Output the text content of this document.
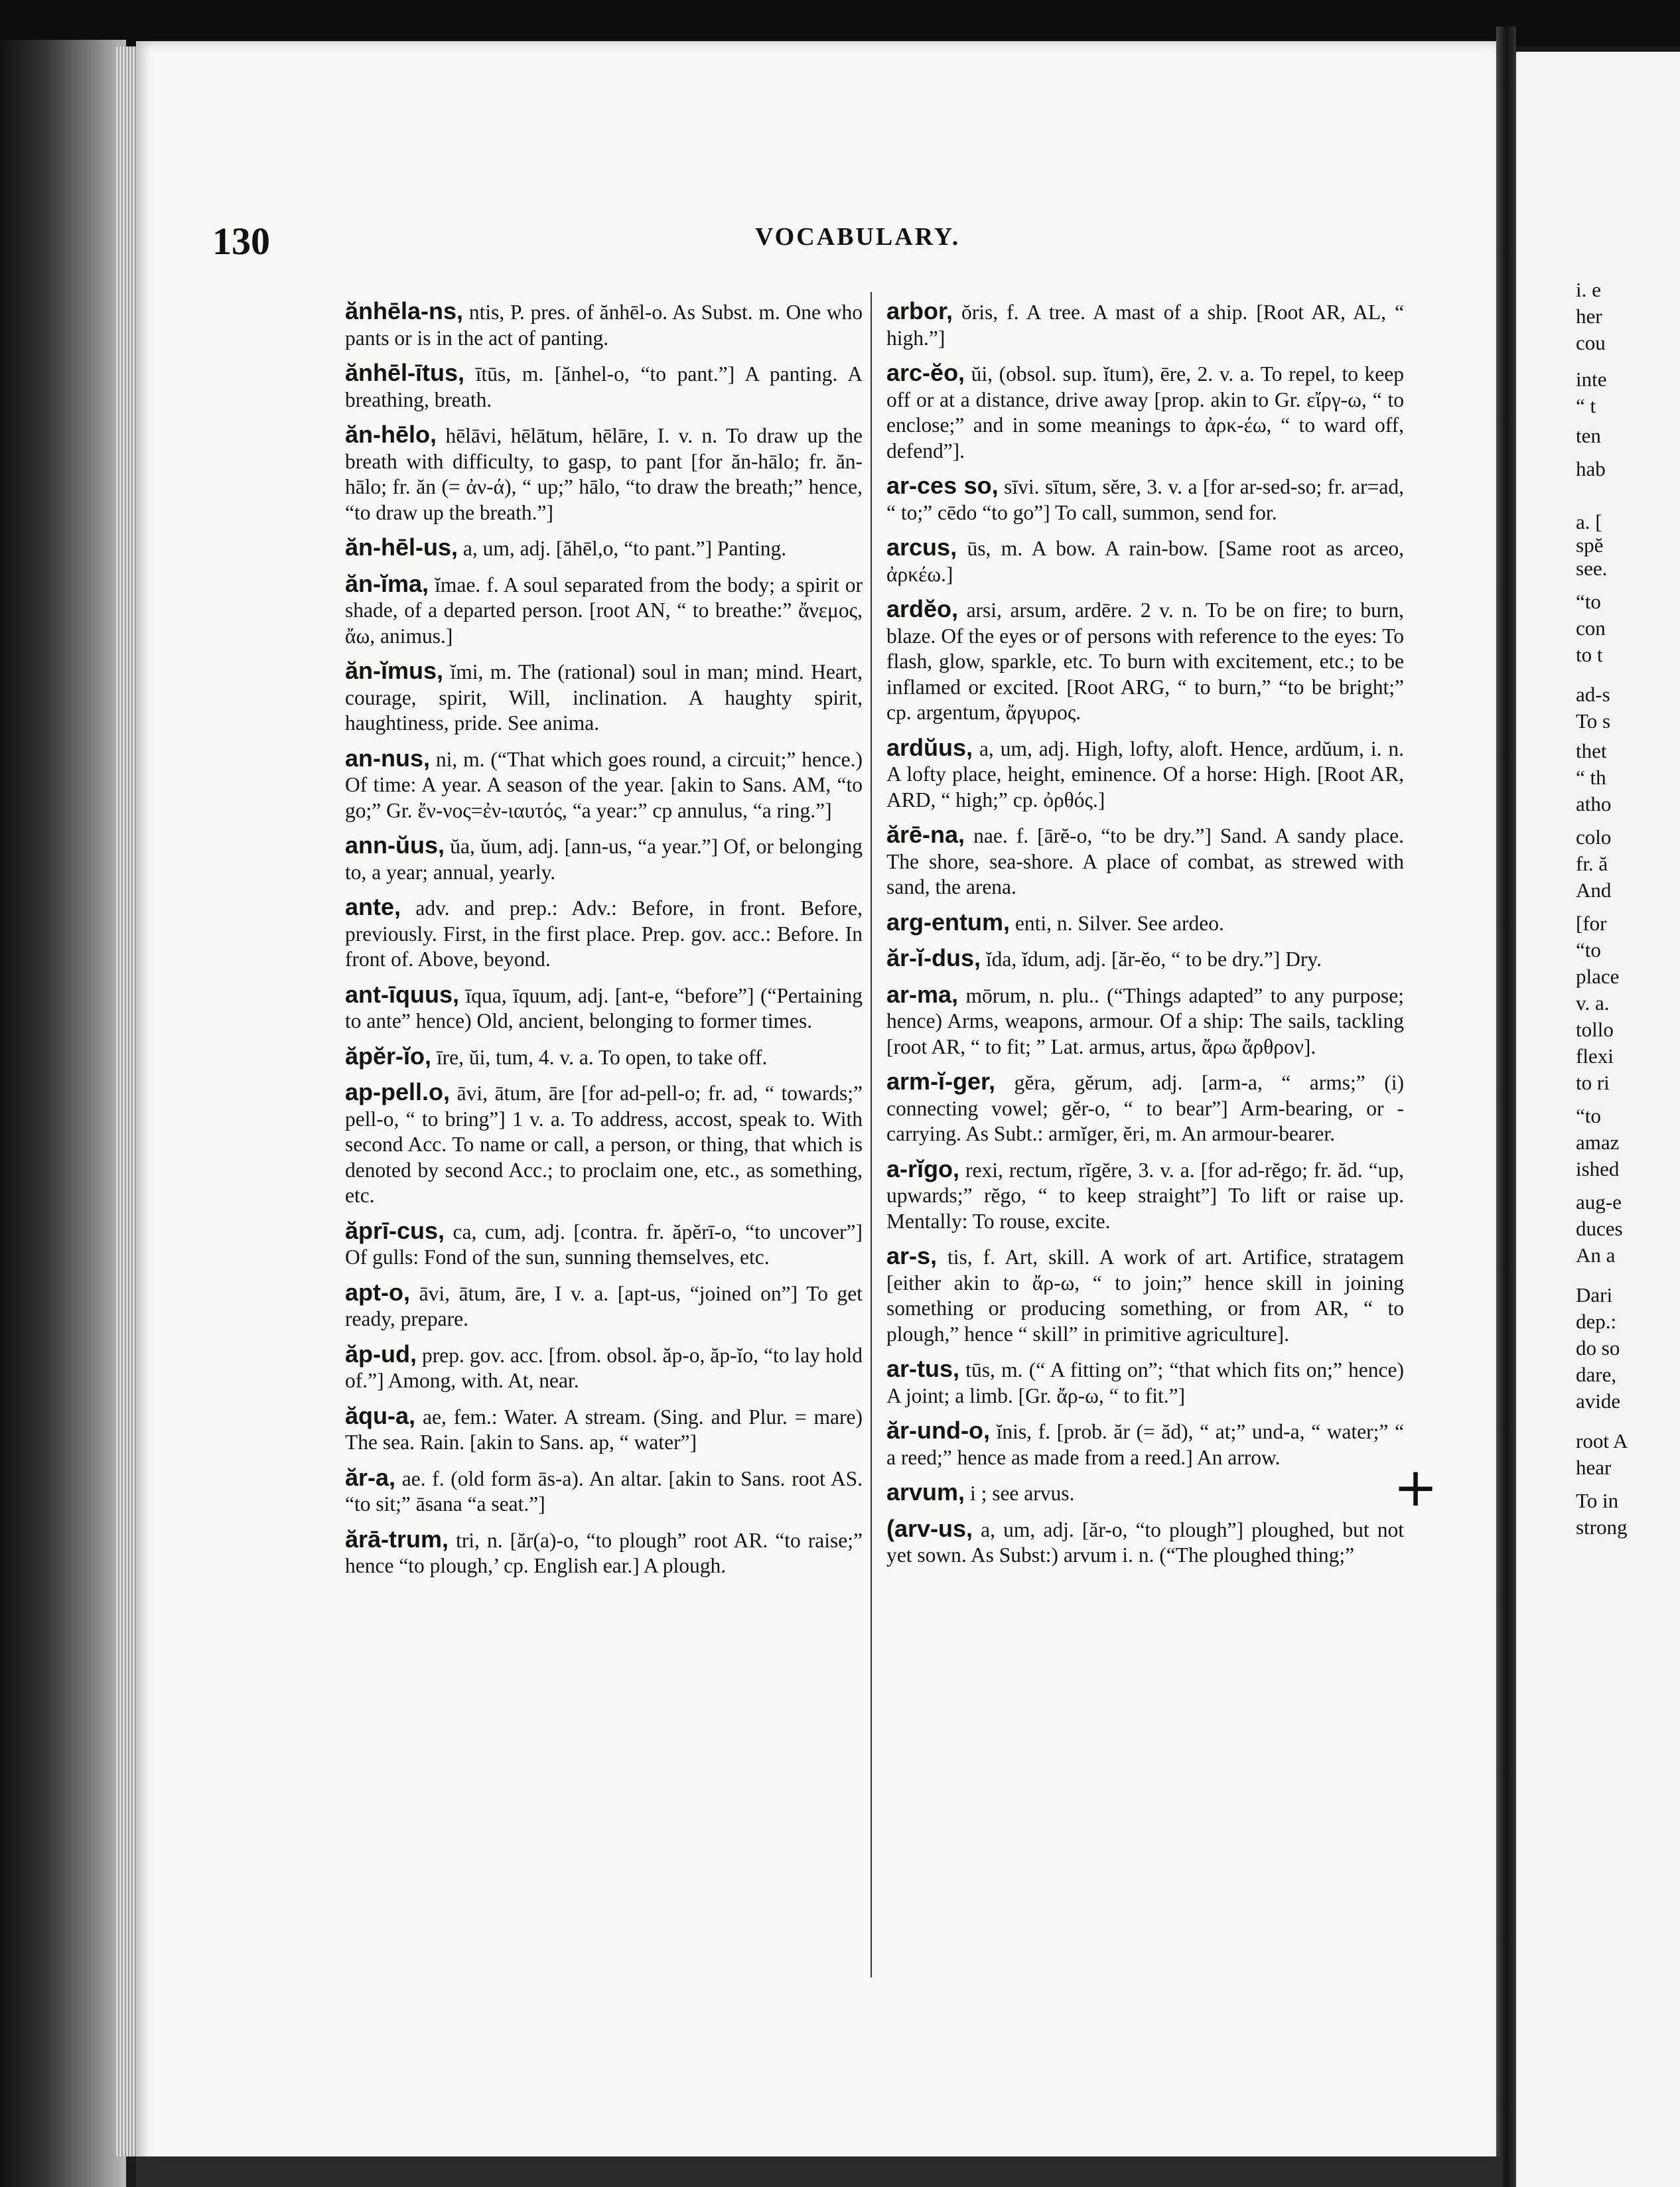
i. e
her
cou
inte
“ t
ten
hab
a. [
spĕ
see.
“to
con
to t
ad-s
To s
thet
“ th
atho
colo
fr. ă
And
[for
“to
place
v. a.
tollo
flexi
to ri
“to
amaz
ished
aug-e
duces
An a
Dari
dep.:
do so
dare,
avide
root A
hear
To in
strong
130	VOCABULARY.

ănhēla-ns, ntis, P. pres. of ănhēl-o. As Subst. m. One who pants or is in the act of panting.

ănhēl-ītus, ītūs, m. [ănhel-o, “to pant.”] A panting. A breathing, breath.

ăn-hēlo, hēlāvi, hēlātum, hēlāre, I. v. n. To draw up the breath with difficulty, to gasp, to pant [for ăn-hālo; fr. ăn-hālo; fr. ăn (= ἀν-ά), “ up;” hālo, “to draw the breath;” hence, “to draw up the breath.”]

ăn-hēl-us, a, um, adj. [ăhēl,o, “to pant.”] Panting.

ăn-ĭma, ĭmae. f. A soul separated from the body; a spirit or shade, of a departed person. [root AN, “ to breathe:” ἄνεμος, ἄω, animus.]

ăn-ĭmus, ĭmi, m. The (rational) soul in man; mind. Heart, courage, spirit, Will, inclination. A haughty spirit, haughtiness, pride. See anima.

an-nus, ni, m. (“That which goes round, a circuit;” hence.) Of time: A year. A season of the year. [akin to Sans. AM, “to go;” Gr. ἔν-νος=ἐν-ιαυτός, “a year:” cp annulus, “a ring.”]

ann-ŭus, ŭa, ŭum, adj. [ann-us, “a year.”] Of, or belonging to, a year; annual, yearly.

ante, adv. and prep.: Adv.: Before, in front. Before, previously. First, in the first place. Prep. gov. acc.: Before. In front of. Above, beyond.

ant-īquus, īqua, īquum, adj. [ant-e, “before”] (“Pertaining to ante” hence) Old, ancient, belonging to former times.

ăpĕr-ĭo, īre, ŭi, tum, 4. v. a. To open, to take off.

ap-pell.o, āvi, ātum, āre [for ad-pell-o; fr. ad, “ towards;” pell-o, “ to bring”] 1 v. a. To address, accost, speak to. With second Acc. To name or call, a person, or thing, that which is denoted by second Acc.; to proclaim one, etc., as something, etc.

ăprī-cus, ca, cum, adj. [contra. fr. ăpĕrī-o, “to uncover”] Of gulls: Fond of the sun, sunning themselves, etc.

apt-o, āvi, ātum, āre, I v. a. [apt-us, “joined on”] To get ready, prepare.

ăp-ud, prep. gov. acc. [from. obsol. ăp-o, ăp-ĭo, “to lay hold of.”] Among, with. At, near.

ăqu-a, ae, fem.: Water. A stream. (Sing. and Plur. = mare) The sea. Rain. [akin to Sans. ap, “ water”]

ăr-a, ae. f. (old form ās-a). An altar. [akin to Sans. root AS. “to sit;” āsana “a seat.”]

ărā-trum, tri, n. [ăr(a)-o, “to plough” root AR. “to raise;” hence “to plough,’ cp. English ear.] A plough.

arbor, ŏris, f. A tree. A mast of a ship. [Root AR, AL, “ high.”]

arc-ĕo, ŭi, (obsol. sup. ĭtum), ēre, 2. v. a. To repel, to keep off or at a distance, drive away [prop. akin to Gr. εἴργ-ω, “ to enclose;” and in some meanings to ἀρκ-έω, “ to ward off, defend”].

ar-ces so, sīvi. sītum, sĕre, 3. v. a [for ar-sed-so; fr. ar=ad, “ to;” cēdo “to go”] To call, summon, send for.

arcus, ūs, m. A bow. A rain-bow. [Same root as arceo, ἀρκέω.]

ardĕo, arsi, arsum, ardēre. 2 v. n. To be on fire; to burn, blaze. Of the eyes or of persons with reference to the eyes: To flash, glow, sparkle, etc. To burn with excitement, etc.; to be inflamed or excited. [Root ARG, “ to burn,” “to be bright;” cp. argentum, ἄργυρος.

ardŭus, a, um, adj. High, lofty, aloft. Hence, ardŭum, i. n. A lofty place, height, eminence. Of a horse: High. [Root AR, ARD, “ high;” cp. ὀρθός.]

ărē-na, nae. f. [ārĕ-o, “to be dry.”] Sand. A sandy place. The shore, sea-shore. A place of combat, as strewed with sand, the arena.

arg-entum, enti, n. Silver. See ardeo.

ăr-ĭ-dus, ĭda, ĭdum, adj. [ăr-ĕo, “ to be dry.”] Dry.

ar-ma, mōrum, n. plu.. (“Things adapted” to any purpose; hence) Arms, weapons, armour. Of a ship: The sails, tackling [root AR, “ to fit; ” Lat. armus, artus, ἄρω ἄρθρον].

arm-ĭ-ger, gĕra, gĕrum, adj. [arm-a, “ arms;” (i) connecting vowel; gĕr-o, “ to bear”] Arm-bearing, or -carrying. As Subt.: armĭger, ĕri, m. An armour-bearer.

a-rĭgo, rexi, rectum, rĭgĕre, 3. v. a. [for ad-rĕgo; fr. ăd. “up, upwards;” rĕgo, “ to keep straight”] To lift or raise up. Mentally: To rouse, excite.

ar-s, tis, f. Art, skill. A work of art. Artifice, stratagem [either akin to ἄρ-ω, “ to join;” hence skill in joining something or producing something, or from AR, “ to plough,” hence “ skill” in primitive agriculture].

ar-tus, tūs, m. (“ A fitting on”; “that which fits on;” hence) A joint; a limb. [Gr. ἄρ-ω, “ to fit.”]

ăr-und-o, ĭnis, f. [prob. ăr (= ăd), “ at;” und-a, “ water;” “ a reed;” hence as made from a reed.] An arrow.

arvum, i ; see arvus.

(arv-us, a, um, adj. [ăr-o, “to plough”] ploughed, but not yet sown. As Subst:) arvum i. n. (“The ploughed thing;”

+
